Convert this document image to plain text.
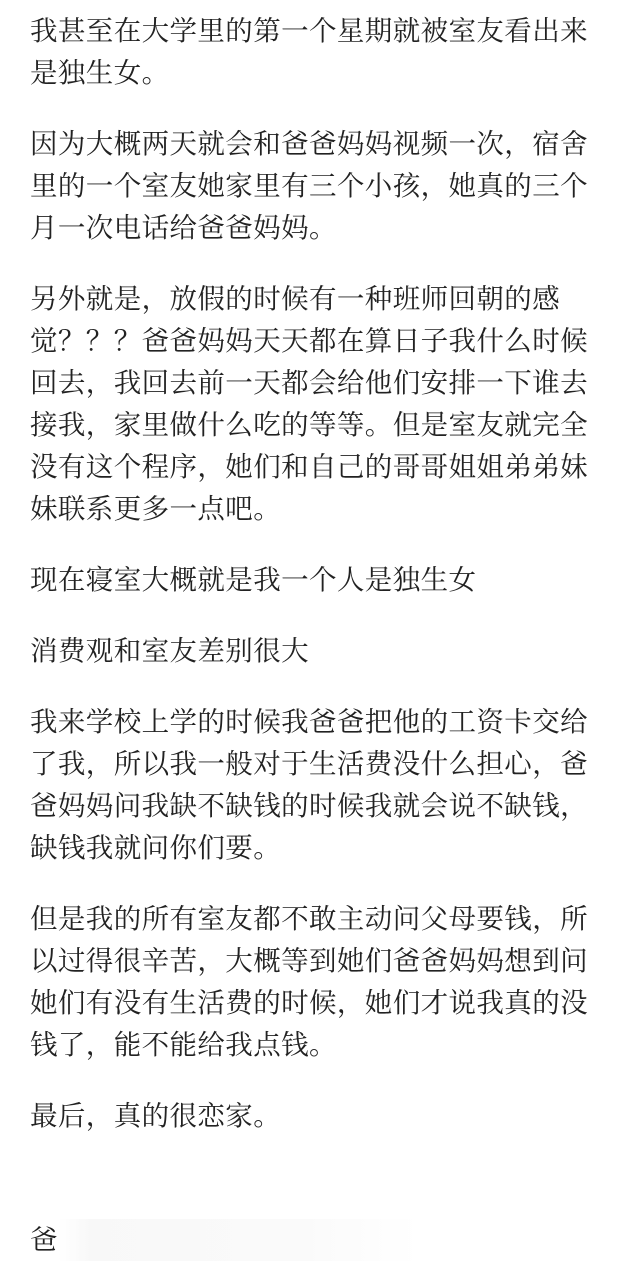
我甚至在大学里的第一个星期就被室友看出来是独生女。

因为大概两天就会和爸爸妈妈视频一次，宿舍里的一个室友她家里有三个小孩，她真的三个月一次电话给爸爸妈妈。

另外就是，放假的时候有一种班师回朝的感觉？？？爸爸妈妈天天都在算日子我什么时候回去，我回去前一天都会给他们安排一下谁去接我，家里做什么吃的等等。但是室友就完全没有这个程序，她们和自己的哥哥姐姐弟弟妹妹联系更多一点吧。

现在寝室大概就是我一个人是独生女

消费观和室友差别很大

我来学校上学的时候我爸爸把他的工资卡交给了我，所以我一般对于生活费没什么担心，爸爸妈妈问我缺不缺钱的时候我就会说不缺钱，缺钱我就问你们要。

但是我的所有室友都不敢主动问父母要钱，所以过得很辛苦，大概等到她们爸爸妈妈想到问她们有没有生活费的时候，她们才说我真的没钱了，能不能给我点钱。

最后，真的很恋家。

爸
